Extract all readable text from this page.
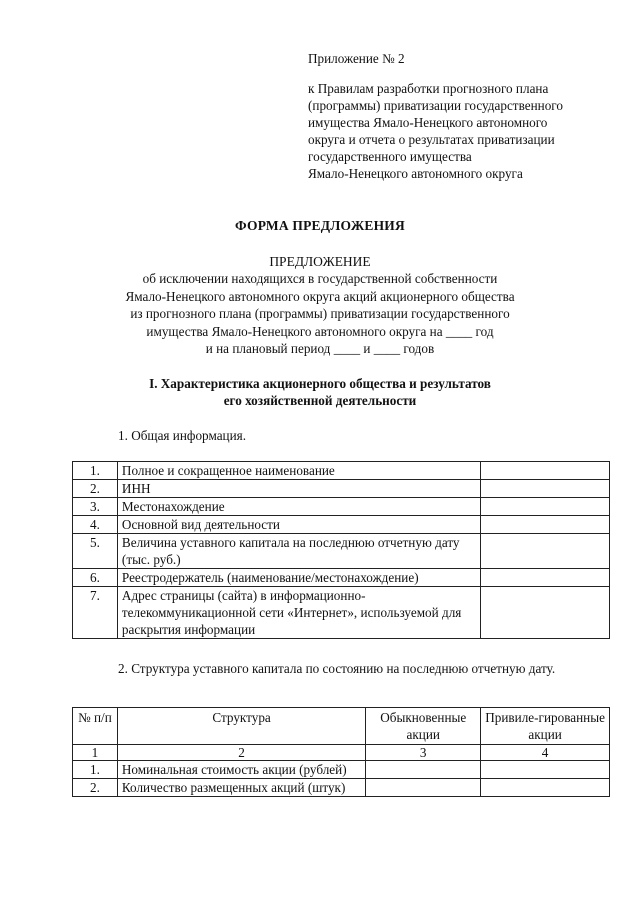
Приложение № 2
к Правилам разработки прогнозного плана
(программы) приватизации государственного
имущества Ямало-Ненецкого автономного
округа и отчета о результатах приватизации
государственного имущества
Ямало-Ненецкого автономного округа
ФОРМА ПРЕДЛОЖЕНИЯ
ПРЕДЛОЖЕНИЕ
об исключении находящихся в государственной собственности
Ямало-Ненецкого автономного округа акций акционерного общества
из прогнозного плана (программы) приватизации государственного
имущества Ямало-Ненецкого автономного округа на ____ год
и на плановый период ____ и ____ годов
I. Характеристика акционерного общества и результатов
его хозяйственной деятельности
1. Общая информация.
1.	Полное и сокращенное наименование	
2.	ИНН	
3.	Местонахождение	
4.	Основной вид деятельности	
5.	Величина уставного капитала на последнюю отчетную дату (тыс. руб.)	
6.	Реестродержатель (наименование/местонахождение)	
7.	Адрес страницы (сайта) в информационно-телекоммуникационной сети «Интернет», используемой для раскрытия информации	
2. Структура уставного капитала по состоянию на последнюю отчетную дату.
№ п/п	Структура	Обыкновенные акции	Привиле-гированные акции
1	2	3	4
1.	Номинальная стоимость акции (рублей)		
2.	Количество размещенных акций (штук)		
